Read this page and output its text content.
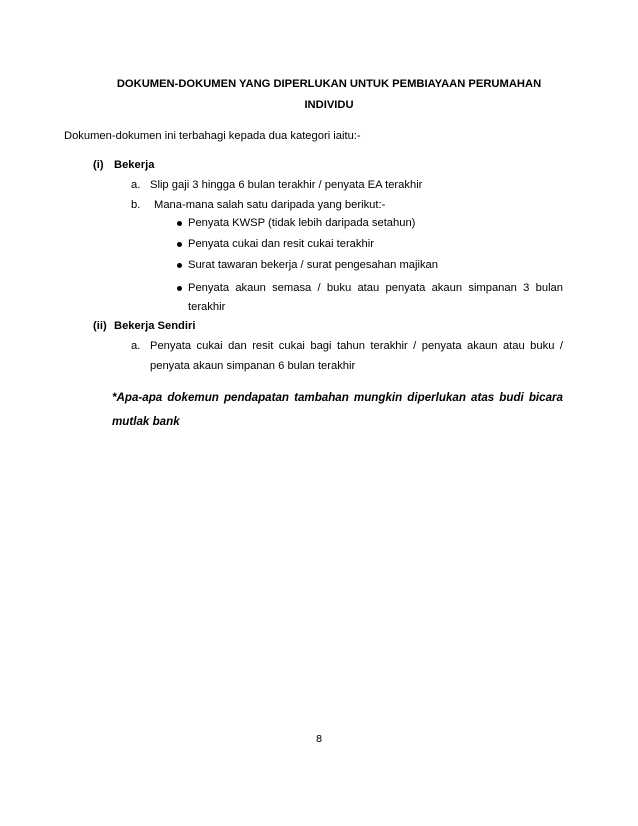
DOKUMEN-DOKUMEN YANG DIPERLUKAN UNTUK PEMBIAYAAN PERUMAHAN
INDIVIDU
Dokumen-dokumen ini terbahagi kepada dua kategori iaitu:-
(i) Bekerja
a. Slip gaji 3 hingga 6 bulan terakhir / penyata EA terakhir
b. Mana-mana salah satu daripada yang berikut:-
Penyata KWSP (tidak lebih daripada setahun)
Penyata cukai dan resit cukai terakhir
Surat tawaran bekerja / surat pengesahan majikan
Penyata akaun semasa / buku atau penyata akaun simpanan 3 bulan
terakhir
(ii) Bekerja Sendiri
a. Penyata cukai dan resit cukai bagi tahun terakhir / penyata akaun atau buku /
penyata akaun simpanan 6 bulan terakhir
*Apa-apa dokemun pendapatan tambahan mungkin diperlukan atas budi bicara
mutlak bank
8
